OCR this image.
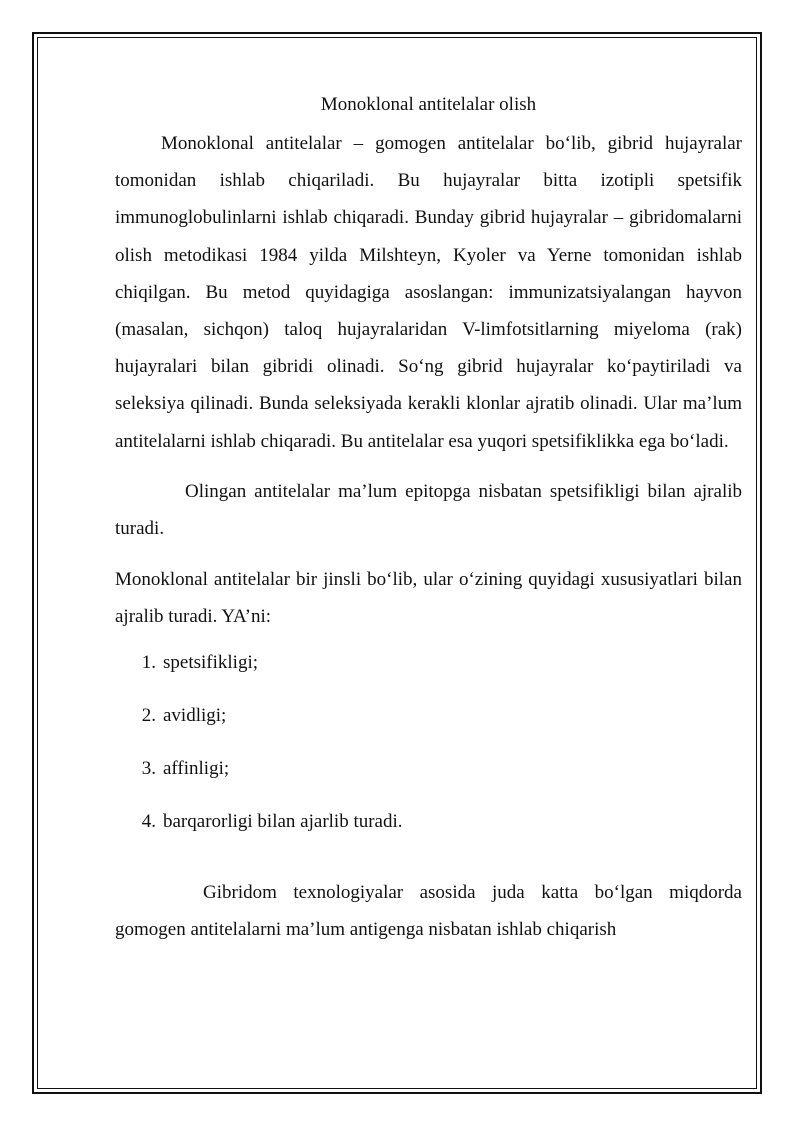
Monoklonal antitelalar olish

Monoklonal antitelalar – gomogen antitelalar bo‘lib, gibrid hujayralar tomonidan ishlab chiqariladi. Bu hujayralar bitta izotipli spetsifik immunoglobulinlarni ishlab chiqaradi. Bunday gibrid hujayralar – gibridomalarni olish metodikasi 1984 yilda Milshteyn, Kyoler va Yerne tomonidan ishlab chiqilgan. Bu metod quyidagiga asoslangan: immunizatsiyalangan hayvon (masalan, sichqon) taloq hujayralaridan V-limfotsitlarning miyeloma (rak) hujayralari bilan gibridi olinadi. So‘ng gibrid hujayralar ko‘paytiriladi va seleksiya qilinadi. Bunda seleksiyada kerakli klonlar ajratib olinadi. Ular ma’lum antitelalarni ishlab chiqaradi. Bu antitelalar esa yuqori spetsifiklikka ega bo‘ladi.

Olingan antitelalar ma’lum epitopga nisbatan spetsifikligi bilan ajralib turadi.

Monoklonal antitelalar bir jinsli bo‘lib, ular o‘zining quyidagi xususiyatlari bilan ajralib turadi. YA’ni:

1. spetsifikligi;
2. avidligi;
3. affinligi;
4. barqarorligi bilan ajarlib turadi.

Gibridom texnologiyalar asosida juda katta bo‘lgan miqdorda gomogen antitelalarni ma’lum antigenga nisbatan ishlab chiqarish
